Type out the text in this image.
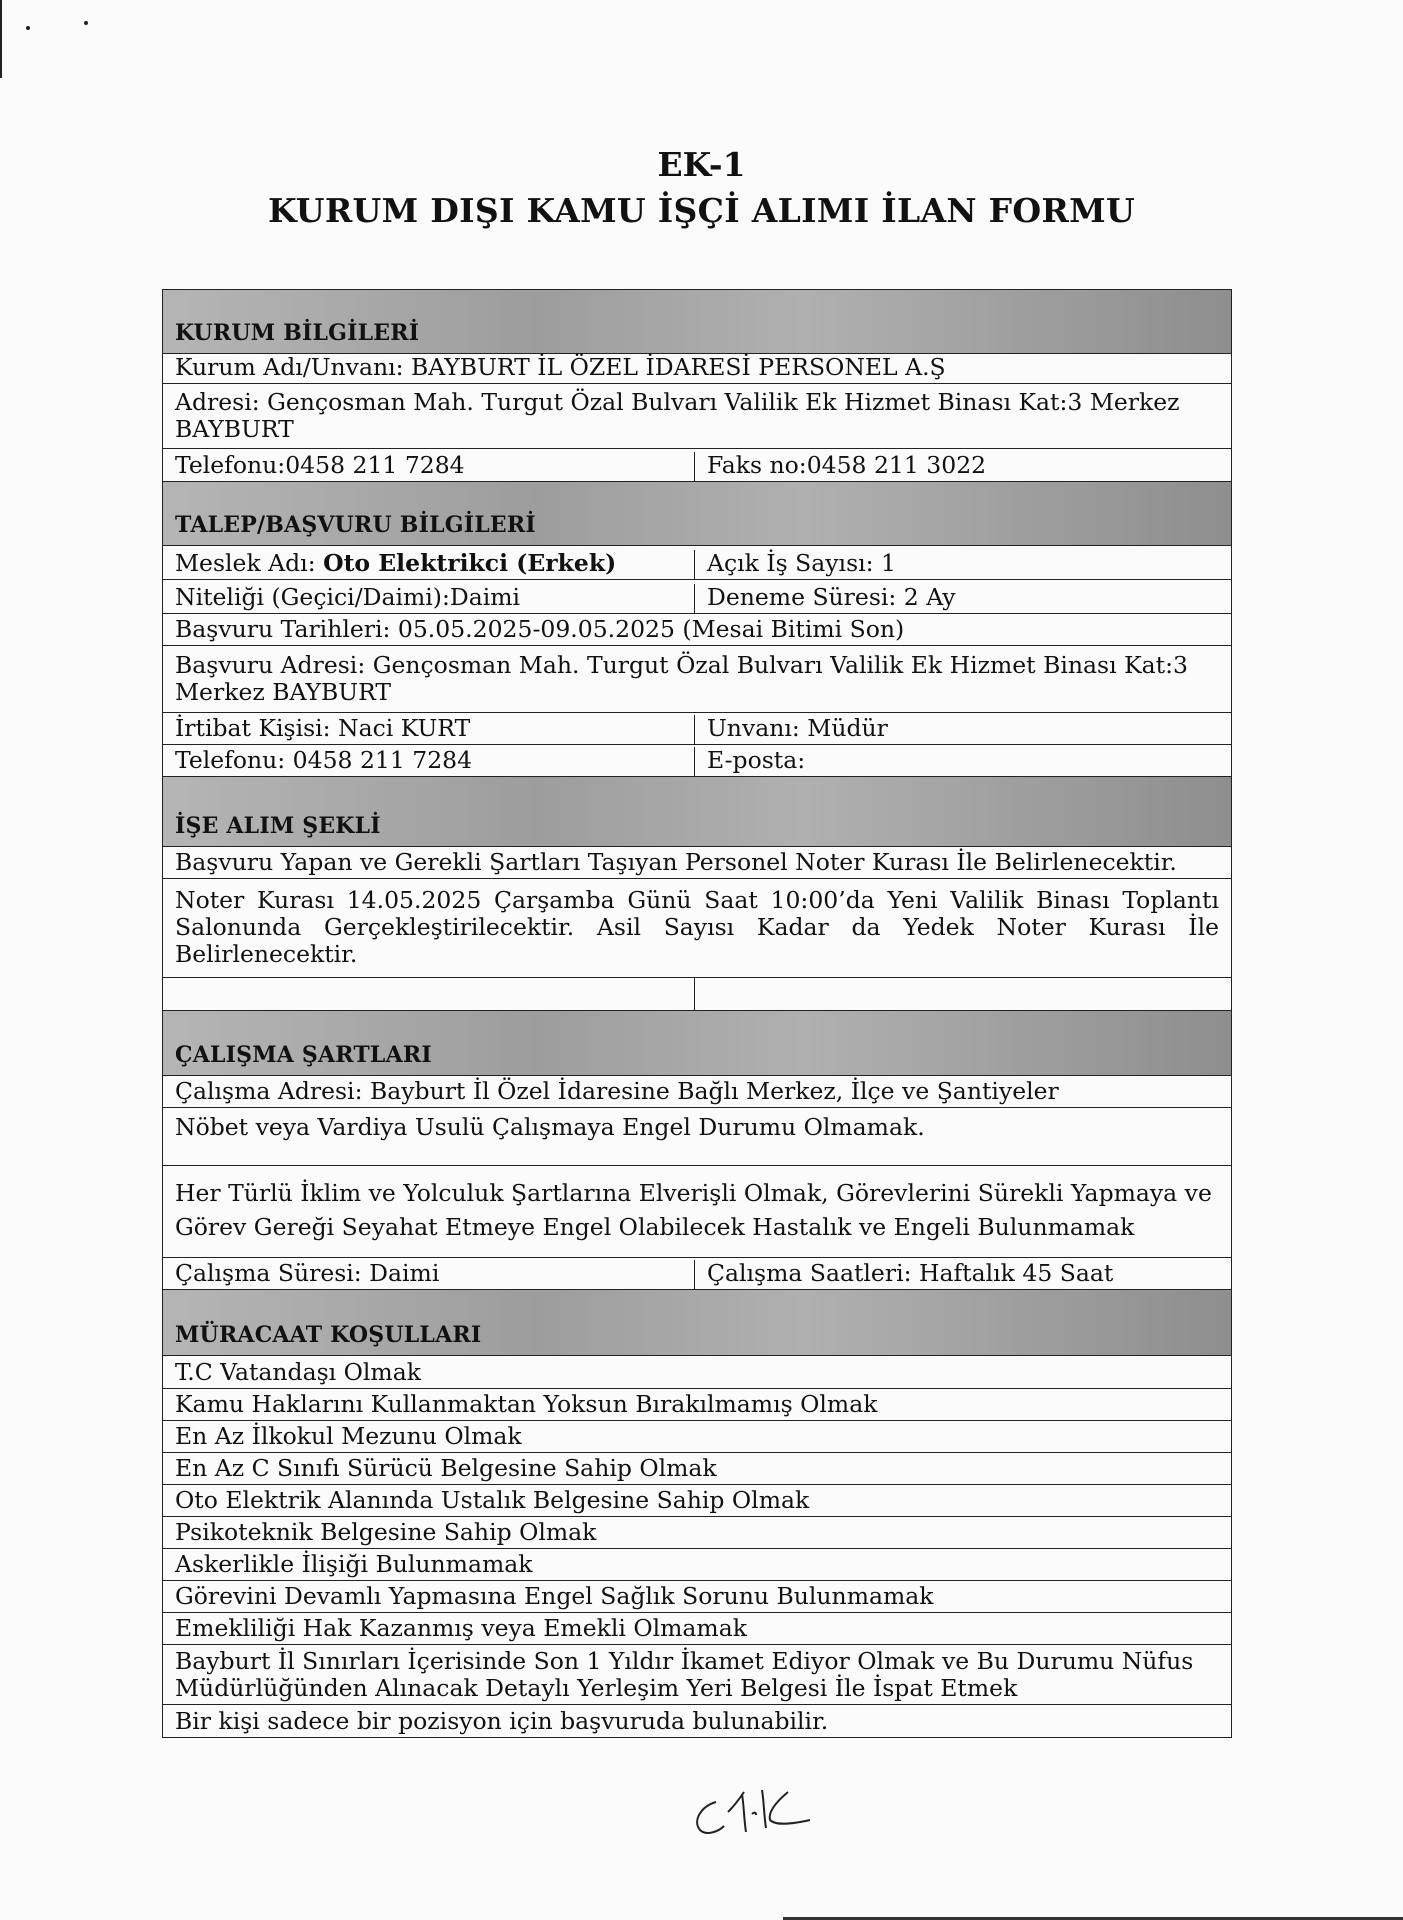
EK-1
KURUM DIŞI KAMU İŞÇİ ALIMI İLAN FORMU
KURUM BİLGİLERİ
Kurum Adı/Unvanı: BAYBURT İL ÖZEL İDARESİ PERSONEL A.Ş
Adresi: Gençosman Mah. Turgut Özal Bulvarı Valilik Ek Hizmet Binası Kat:3 Merkez BAYBURT
Telefonu:0458 211 7284	Faks no:0458 211 3022
TALEP/BAŞVURU BİLGİLERİ
Meslek Adı: Oto Elektrikci (Erkek)	Açık İş Sayısı: 1
Niteliği (Geçici/Daimi):Daimi	Deneme Süresi: 2 Ay
Başvuru Tarihleri: 05.05.2025-09.05.2025 (Mesai Bitimi Son)
Başvuru Adresi: Gençosman Mah. Turgut Özal Bulvarı Valilik Ek Hizmet Binası Kat:3 Merkez BAYBURT
İrtibat Kişisi: Naci KURT	Unvanı: Müdür
Telefonu: 0458 211 7284	E-posta:
İŞE ALIM ŞEKLİ
Başvuru Yapan ve Gerekli Şartları Taşıyan Personel Noter Kurası İle Belirlenecektir.
Noter Kurası 14.05.2025 Çarşamba Günü Saat 10:00’da Yeni Valilik Binası Toplantı Salonunda Gerçekleştirilecektir. Asil Sayısı Kadar da Yedek Noter Kurası İle Belirlenecektir.
ÇALIŞMA ŞARTLARI
Çalışma Adresi: Bayburt İl Özel İdaresine Bağlı Merkez, İlçe ve Şantiyeler
Nöbet veya Vardiya Usulü Çalışmaya Engel Durumu Olmamak.
Her Türlü İklim ve Yolculuk Şartlarına Elverişli Olmak, Görevlerini Sürekli Yapmaya ve Görev Gereği Seyahat Etmeye Engel Olabilecek Hastalık ve Engeli Bulunmamak
Çalışma Süresi: Daimi	Çalışma Saatleri: Haftalık 45 Saat
MÜRACAAT KOŞULLARI
T.C Vatandaşı Olmak
Kamu Haklarını Kullanmaktan Yoksun Bırakılmamış Olmak
En Az İlkokul Mezunu Olmak
En Az C Sınıfı Sürücü Belgesine Sahip Olmak
Oto Elektrik Alanında Ustalık Belgesine Sahip Olmak
Psikoteknik Belgesine Sahip Olmak
Askerlikle İlişiği Bulunmamak
Görevini Devamlı Yapmasına Engel Sağlık Sorunu Bulunmamak
Emekliliği Hak Kazanmış veya Emekli Olmamak
Bayburt İl Sınırları İçerisinde Son 1 Yıldır İkamet Ediyor Olmak ve Bu Durumu Nüfus Müdürlüğünden Alınacak Detaylı Yerleşim Yeri Belgesi İle İspat Etmek
Bir kişi sadece bir pozisyon için başvuruda bulunabilir.
